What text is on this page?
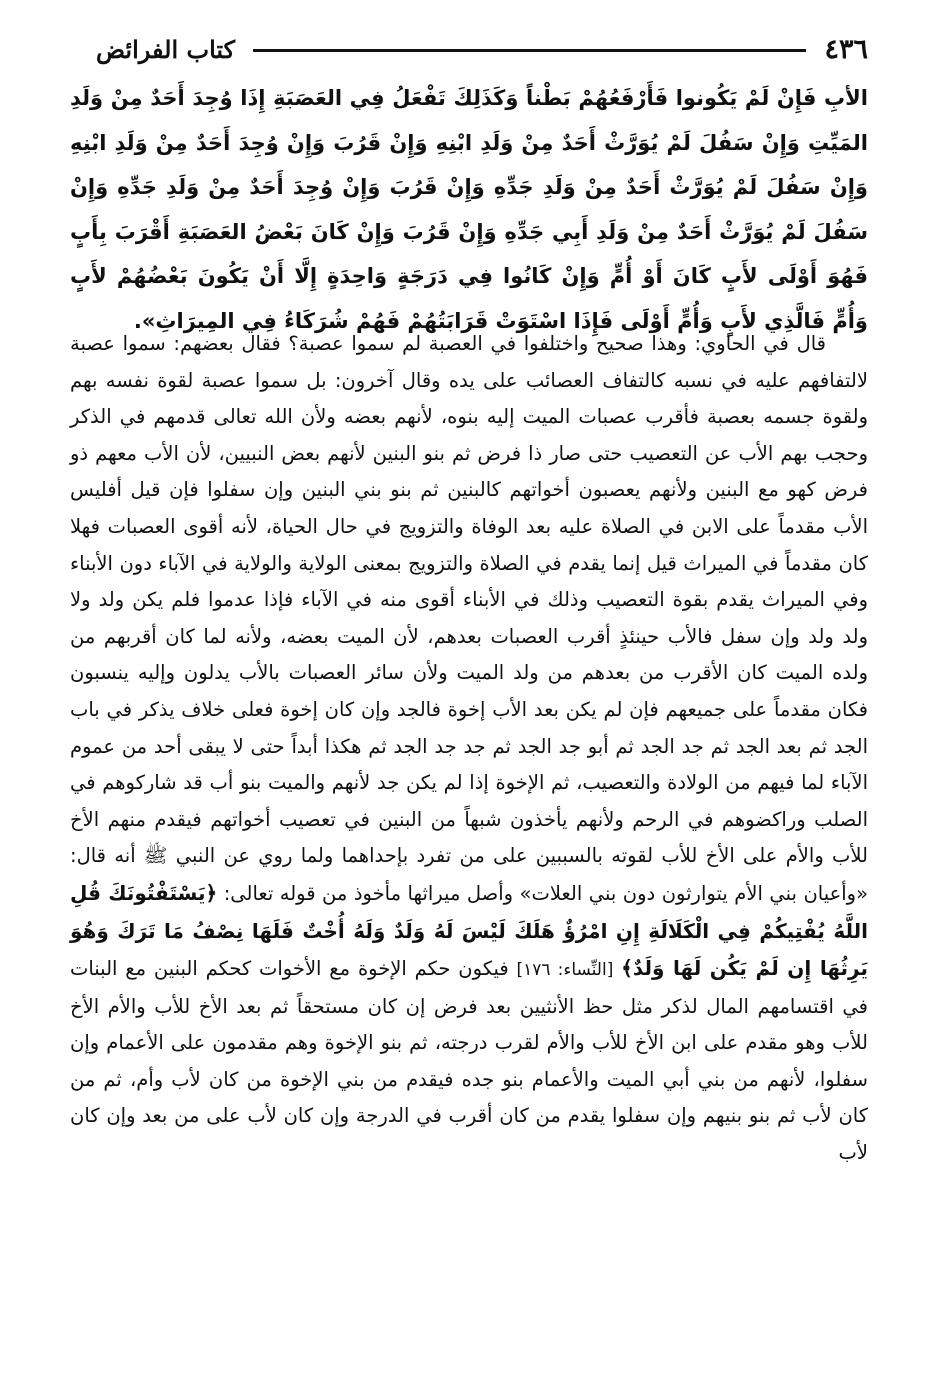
٤٣٦
كتاب الفرائض
الأبِ فَإِنْ لَمْ يَكُونوا فَأَرْفَعُهُمْ بَطْناً وَكَذَلِكَ تَفْعَلُ فِي العَصَبَةِ إِذَا وُجِدَ أَحَدٌ مِنْ وَلَدِ المَيِّتِ وَإِنْ سَفُلَ لَمْ يُوَرَّثْ أَحَدٌ مِنْ وَلَدِ ابْنِهِ وَإِنْ قَرُبَ وَإِنْ وُجِدَ أَحَدٌ مِنْ وَلَدِ ابْنِهِ وَإِنْ سَفُلَ لَمْ يُوَرَّثْ أَحَدٌ مِنْ وَلَدِ جَدِّهِ وَإِنْ قَرُبَ وَإِنْ وُجِدَ أَحَدٌ مِنْ وَلَدِ جَدِّهِ وَإِنْ سَفُلَ لَمْ يُوَرَّثْ أَحَدٌ مِنْ وَلَدِ أَبِي جَدِّهِ وَإِنْ قَرُبَ وَإِنْ كَانَ بَعْضُ العَصَبَةِ أَقْرَبَ بِأَبٍ فَهُوَ أَوْلَى لأَبٍ كَانَ أَوْ أُمٍّ وَإِنْ كَانُوا فِي دَرَجَةٍ وَاحِدَةٍ إِلَّا أَنْ يَكُونَ بَعْضُهُمْ لأَبٍ وَأُمٍّ فَالَّذِي لأَبٍ وَأُمٍّ أَوْلَى فَإِذَا اسْتَوَتْ قَرَابَتُهُمْ فَهُمْ شُرَكَاءُ فِي المِيرَاثِ».

قال في الحاوي: وهذا صحيح واختلفوا في العصبة لم سموا عصبة؟ فقال بعضهم: سموا عصبة لالتفافهم عليه في نسبه كالتفاف العصائب على يده وقال آخرون: بل سموا عصبة لقوة نفسه بهم ولقوة جسمه بعصبة فأقرب عصبات الميت إليه بنوه، لأنهم بعضه ولأن الله تعالى قدمهم في الذكر وحجب بهم الأب عن التعصيب حتى صار ذا فرض ثم بنو البنين لأنهم بعض النبيين، لأن الأب معهم ذو فرض كهو مع البنين ولأنهم يعصبون أخواتهم كالبنين ثم بنو بني البنين وإن سفلوا فإن قيل أفليس الأب مقدماً على الابن في الصلاة عليه بعد الوفاة والتزويج في حال الحياة، لأنه أقوى العصبات فهلا كان مقدماً في الميراث قيل إنما يقدم في الصلاة والتزويج بمعنى الولاية والولاية في الآباء دون الأبناء وفي الميراث يقدم بقوة التعصيب وذلك في الأبناء أقوى منه في الآباء فإذا عدموا فلم يكن ولد ولا ولد ولد وإن سفل فالأب حينئذٍ أقرب العصبات بعدهم، لأن الميت بعضه، ولأنه لما كان أقربهم من ولده الميت كان الأقرب من بعدهم من ولد الميت ولأن سائر العصبات بالأب يدلون وإليه ينسبون فكان مقدماً على جميعهم فإن لم يكن بعد الأب إخوة فالجد وإن كان إخوة فعلى خلاف يذكر في باب الجد ثم بعد الجد ثم جد الجد ثم أبو جد الجد ثم جد جد الجد ثم هكذا أبداً حتى لا يبقى أحد من عموم الآباء لما فيهم من الولادة والتعصيب، ثم الإخوة إذا لم يكن جد لأنهم والميت بنو أب قد شاركوهم في الصلب وراكضوهم في الرحم ولأنهم يأخذون شبهاً من البنين في تعصيب أخواتهم فيقدم منهم الأخ للأب والأم على الأخ للأب لقوته بالسببين على من تفرد بإحداهما ولما روي عن النبي ﷺ أنه قال: «وأعيان بني الأم يتوارثون دون بني العلات» وأصل ميراثها مأخوذ من قوله تعالى: ﴿يَسْتَفْتُونَكَ قُلِ اللَّهُ يُفْتِيكُمْ فِي الْكَلَالَةِ إِنِ امْرُؤٌ هَلَكَ لَيْسَ لَهُ وَلَدٌ وَلَهُ أُخْتٌ فَلَهَا نِصْفُ مَا تَرَكَ وَهُوَ يَرِثُهَا إِن لَمْ يَكُن لَهَا وَلَدٌ﴾ [النِّساء: ١٧٦] فيكون حكم الإخوة مع الأخوات كحكم البنين مع البنات في اقتسامهم المال لذكر مثل حظ الأنثيين بعد فرض إن كان مستحقاً ثم بعد الأخ للأب والأم الأخ للأب وهو مقدم على ابن الأخ للأب والأم لقرب درجته، ثم بنو الإخوة وهم مقدمون على الأعمام وإن سفلوا، لأنهم من بني أبي الميت والأعمام بنو جده فيقدم من بني الإخوة من كان لأب وأم، ثم من كان لأب ثم بنو بنيهم وإن سفلوا يقدم من كان أقرب في الدرجة وإن كان لأب على من بعد وإن كان لأب
